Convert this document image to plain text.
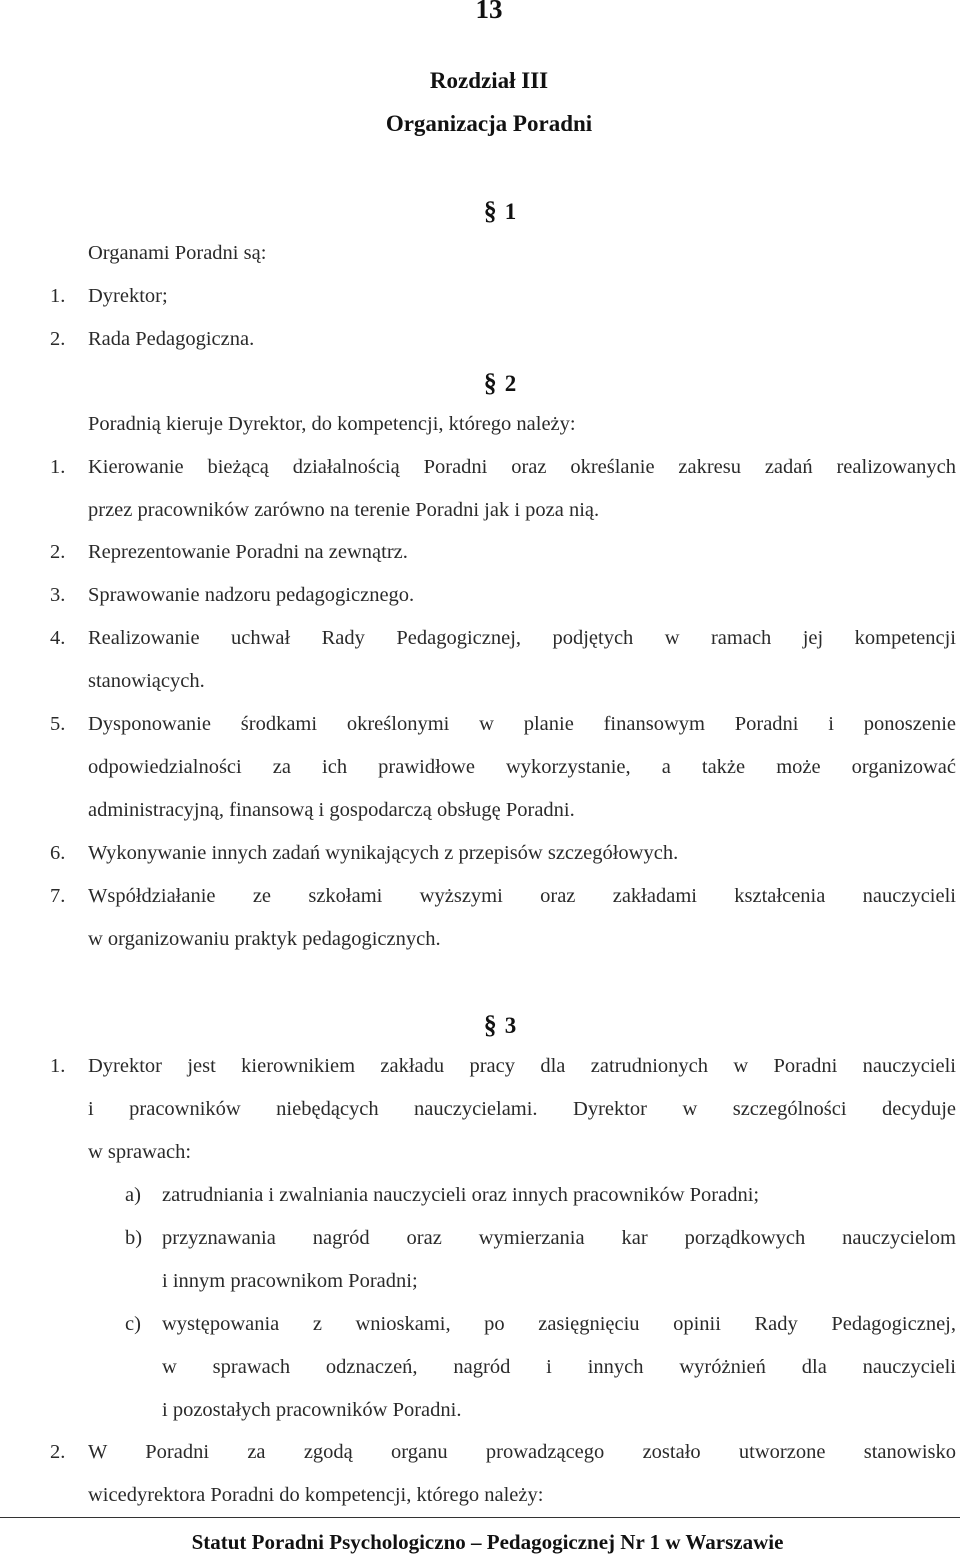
13
Rozdział III
Organizacja Poradni
§ 1
Organami Poradni są:
1. Dyrektor;
2. Rada Pedagogiczna.
§ 2
Poradnią kieruje Dyrektor, do kompetencji, którego należy:
1. Kierowanie bieżącą działalnością Poradni oraz określanie zakresu zadań realizowanych
przez pracowników zarówno na terenie Poradni jak i poza nią.
2. Reprezentowanie Poradni na zewnątrz.
3. Sprawowanie nadzoru pedagogicznego.
4. Realizowanie uchwał Rady Pedagogicznej, podjętych w ramach jej kompetencji
stanowiących.
5. Dysponowanie środkami określonymi w planie finansowym Poradni i ponoszenie
odpowiedzialności za ich prawidłowe wykorzystanie, a także może organizować
administracyjną, finansową i gospodarczą obsługę Poradni.
6. Wykonywanie innych zadań wynikających z przepisów szczegółowych.
7. Współdziałanie ze szkołami wyższymi oraz zakładami kształcenia nauczycieli
w organizowaniu praktyk pedagogicznych.
§ 3
1. Dyrektor jest kierownikiem zakładu pracy dla zatrudnionych w Poradni nauczycieli
i pracowników niebędących nauczycielami. Dyrektor w szczególności decyduje
w sprawach:
a) zatrudniania i zwalniania nauczycieli oraz innych pracowników Poradni;
b) przyznawania nagród oraz wymierzania kar porządkowych nauczycielom
i innym pracownikom Poradni;
c) występowania z wnioskami, po zasięgnięciu opinii Rady Pedagogicznej,
w sprawach odznaczeń, nagród i innych wyróżnień dla nauczycieli
i pozostałych pracowników Poradni.
2. W Poradni za zgodą organu prowadzącego zostało utworzone stanowisko
wicedyrektora Poradni do kompetencji, którego należy:
Statut Poradni Psychologiczno – Pedagogicznej Nr 1 w Warszawie
